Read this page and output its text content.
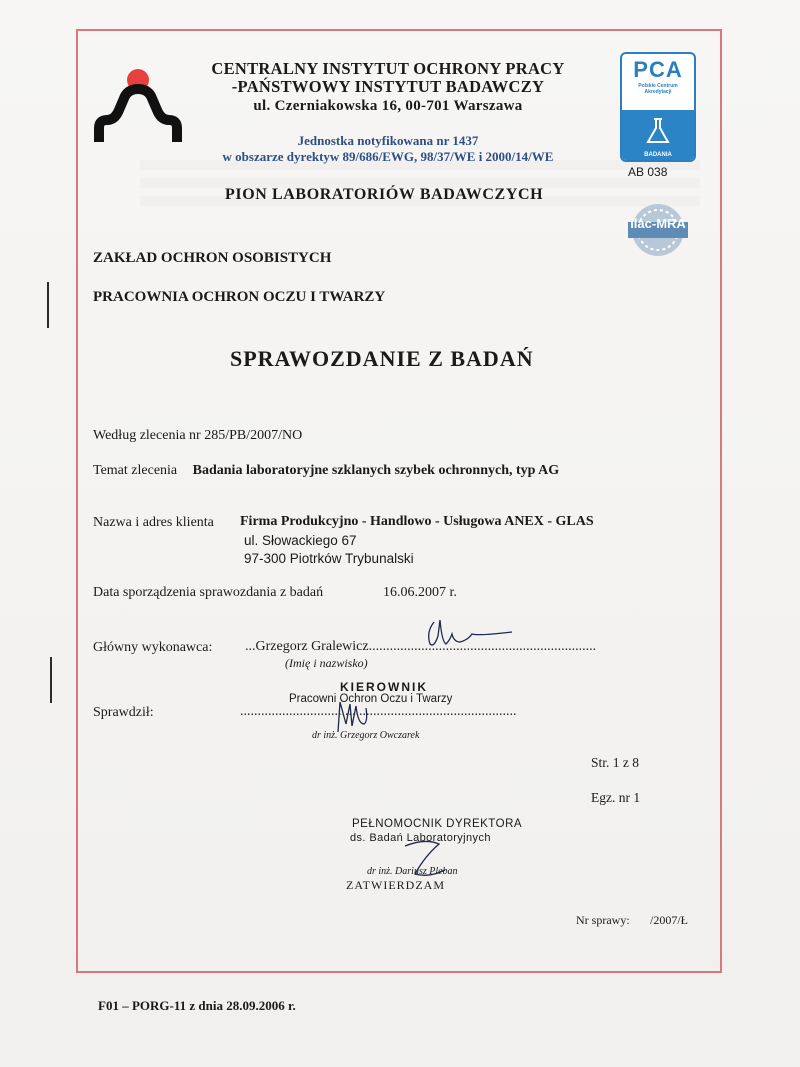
CENTRALNY INSTYTUT OCHRONY PRACY
-PAŃSTWOWY INSTYTUT BADAWCZY
ul. Czerniakowska 16, 00-701 Warszawa
Jednostka notyfikowana nr 1437
w obszarze dyrektyw 89/686/EWG, 98/37/WE i 2000/14/WE
PCA
Polskie Centrum
Akredytacji
BADANIA
AB 038
ilac-MRA
PION LABORATORIÓW BADAWCZYCH
ZAKŁAD OCHRON OSOBISTYCH
PRACOWNIA OCHRON OCZU I TWARZY
SPRAWOZDANIE Z BADAŃ
Według zlecenia nr 285/PB/2007/NO
Temat zlecenia Badania laboratoryjne szklanych szybek ochronnych, typ AG
Nazwa i adres klienta Firma Produkcyjno - Handlowo - Usługowa ANEX - GLAS
ul. Słowackiego 67
97-300 Piotrków Trybunalski
Data sporządzenia sprawozdania z badań	16.06.2007 r.
Główny wykonawca: ...Grzegorz Gralewicz.................................................................
(Imię i nazwisko)
KIEROWNIK
Pracowni Ochron Oczu i Twarzy
Sprawdził:	...............................................................................
dr inż. Grzegorz Owczarek
Str. 1 z 8
Egz. nr 1
PEŁNOMOCNIK DYREKTORA
ds. Badań Laboratoryjnych
dr inż. Dariusz Pleban
ZATWIERDZAM
Nr sprawy: /2007/Ł
F01 – PORG-11 z dnia 28.09.2006 r.
